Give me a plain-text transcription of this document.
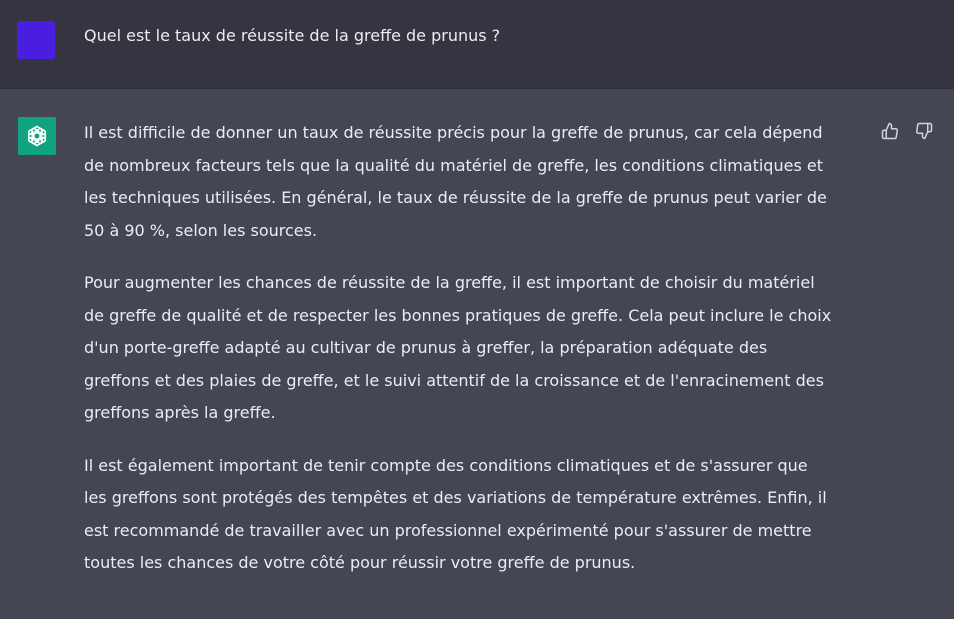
Quel est le taux de réussite de la greffe de prunus ?

Il est difficile de donner un taux de réussite précis pour la greffe de prunus, car cela dépend
de nombreux facteurs tels que la qualité du matériel de greffe, les conditions climatiques et
les techniques utilisées. En général, le taux de réussite de la greffe de prunus peut varier de
50 à 90 %, selon les sources.

Pour augmenter les chances de réussite de la greffe, il est important de choisir du matériel
de greffe de qualité et de respecter les bonnes pratiques de greffe. Cela peut inclure le choix
d'un porte-greffe adapté au cultivar de prunus à greffer, la préparation adéquate des
greffons et des plaies de greffe, et le suivi attentif de la croissance et de l'enracinement des
greffons après la greffe.

Il est également important de tenir compte des conditions climatiques et de s'assurer que
les greffons sont protégés des tempêtes et des variations de température extrêmes. Enfin, il
est recommandé de travailler avec un professionnel expérimenté pour s'assurer de mettre
toutes les chances de votre côté pour réussir votre greffe de prunus.
